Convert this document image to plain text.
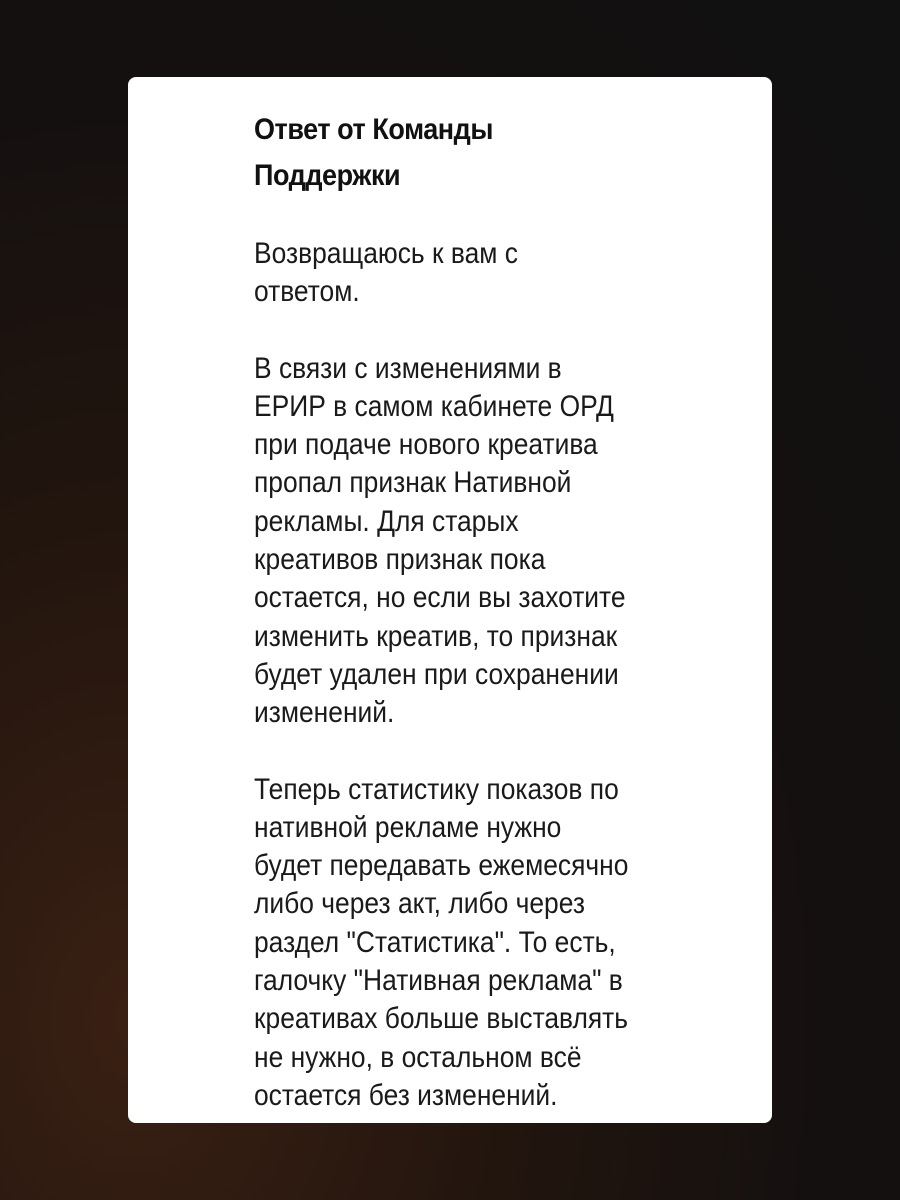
Ответ от Команды
Поддержки
Возвращаюсь к вам с
ответом.
В связи с изменениями в
ЕРИР в самом кабинете ОРД
при подаче нового креатива
пропал признак Нативной
рекламы. Для старых
креативов признак пока
остается, но если вы захотите
изменить креатив, то признак
будет удален при сохранении
изменений.
Теперь статистику показов по
нативной рекламе нужно
будет передавать ежемесячно
либо через акт, либо через
раздел "Статистика". То есть,
галочку "Нативная реклама" в
креативах больше выставлять
не нужно, в остальном всё
остается без изменений.
